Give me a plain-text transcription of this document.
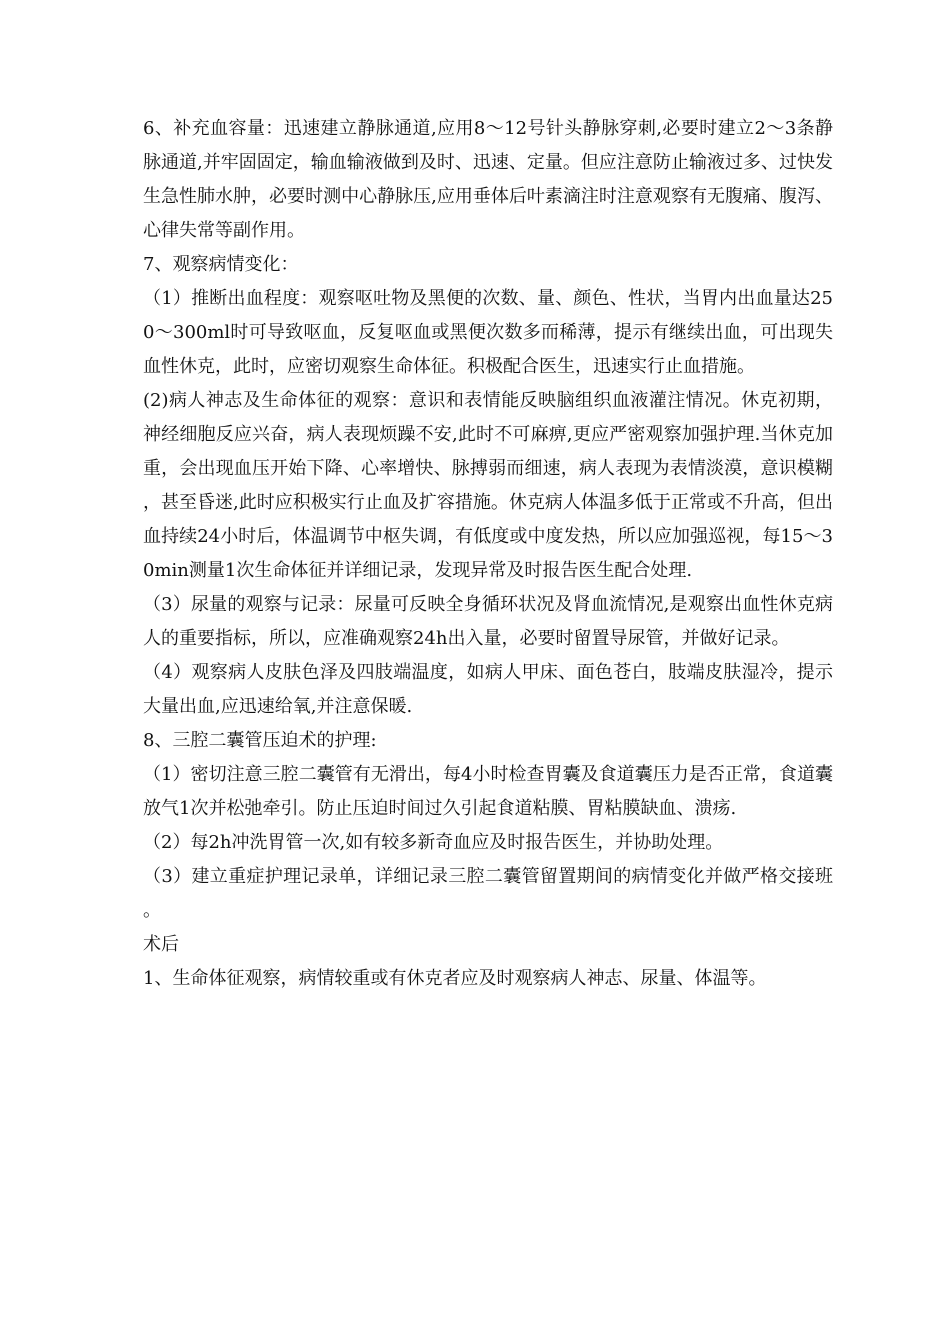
6、补充血容量：迅速建立静脉通道,应用8～12号针头静脉穿刺,必要时建立2～3条静脉通道,并牢固固定，输血输液做到及时、迅速、定量。但应注意防止输液过多、过快发生急性肺水肿，必要时测中心静脉压,应用垂体后叶素滴注时注意观察有无腹痛、腹泻、心律失常等副作用。

7、观察病情变化：

（1）推断出血程度：观察呕吐物及黑便的次数、量、颜色、性状，当胃内出血量达250～300ml时可导致呕血，反复呕血或黑便次数多而稀薄，提示有继续出血，可出现失血性休克，此时，应密切观察生命体征。积极配合医生，迅速实行止血措施。

(2)病人神志及生命体征的观察：意识和表情能反映脑组织血液灌注情况。休克初期，神经细胞反应兴奋，病人表现烦躁不安,此时不可麻痹,更应严密观察加强护理.当休克加重，会出现血压开始下降、心率增快、脉搏弱而细速，病人表现为表情淡漠，意识模糊，甚至昏迷,此时应积极实行止血及扩容措施。休克病人体温多低于正常或不升高，但出血持续24小时后，体温调节中枢失调，有低度或中度发热，所以应加强巡视，每15～30min测量1次生命体征并详细记录，发现异常及时报告医生配合处理.

（3）尿量的观察与记录：尿量可反映全身循环状况及肾血流情况,是观察出血性休克病人的重要指标，所以，应准确观察24h出入量，必要时留置导尿管，并做好记录。

（4）观察病人皮肤色泽及四肢端温度，如病人甲床、面色苍白，肢端皮肤湿冷，提示大量出血,应迅速给氧,并注意保暖.

8、三腔二囊管压迫术的护理:

（1）密切注意三腔二囊管有无滑出，每4小时检查胃囊及食道囊压力是否正常，食道囊放气1次并松弛牵引。防止压迫时间过久引起食道粘膜、胃粘膜缺血、溃疡.

（2）每2h冲洗胃管一次,如有较多新奇血应及时报告医生，并协助处理。

（3）建立重症护理记录单，详细记录三腔二囊管留置期间的病情变化并做严格交接班。

术后

1、生命体征观察，病情较重或有休克者应及时观察病人神志、尿量、体温等。
